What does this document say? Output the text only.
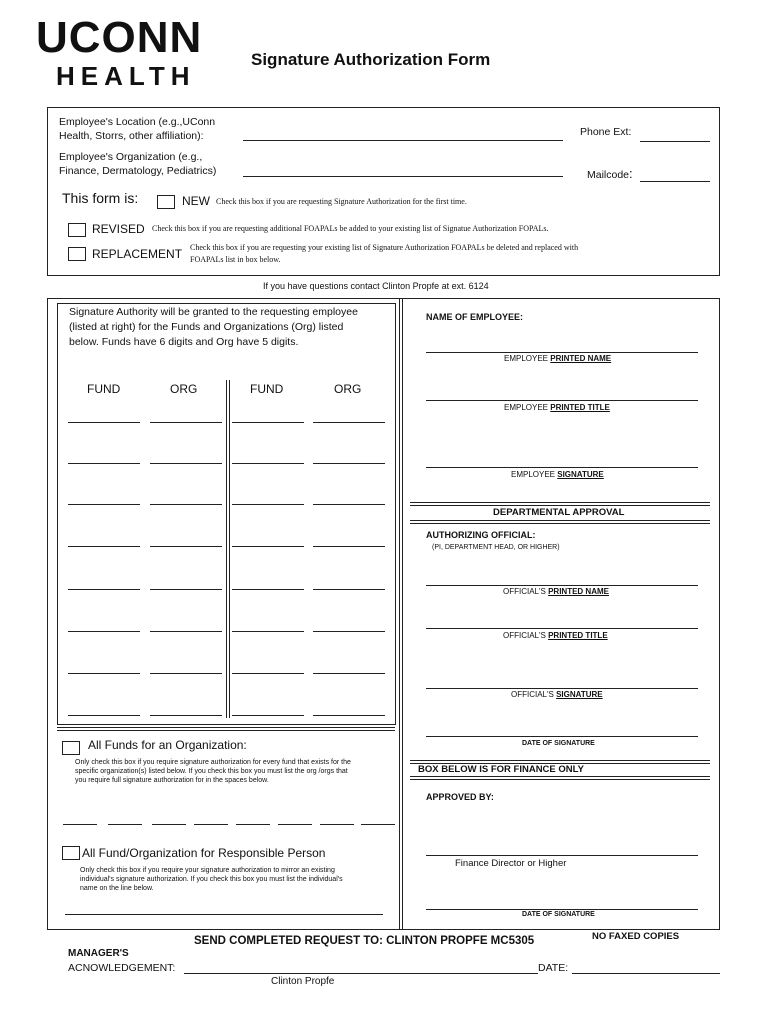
UCONN
HEALTH
Signature Authorization Form
Employee's Location (e.g.,UConn
Health, Storrs, other affiliation):	Phone Ext:
Employee's Organization (e.g.,
Finance, Dermatology, Pediatrics)	Mailcode:
This form is:	NEW Check this box if you are requesting Signature Authorization for the first time.
REVISED Check this box if you are requesting additional FOAPALs be added to your existing list of Signatue Authorization FOPALs.
REPLACEMENT Check this box if you are requesting your existing list of Signature Authorization FOAPALs be deleted and replaced with
FOAPALs list in box below.
If you have questions contact Clinton Propfe at ext. 6124
Signature Authority will be granted to the requesting employee
(listed at right) for the Funds and Organizations (Org) listed
below. Funds have 6 digits and Org have 5 digits.
FUND	ORG	FUND	ORG
All Funds for an Organization:
Only check this box if you require signature authorization for every fund that exists for the
specific organization(s) listed below. If you check this box you must list the org /orgs that
you require full signature authorization for in the spaces below.
All Fund/Organization for Responsible Person
Only check this box if you require your signature authorization to mirror an existing
individual's signature authorization. If you check this box you must list the individual's
name on the line below.
NAME OF EMPLOYEE:
EMPLOYEE PRINTED NAME
EMPLOYEE PRINTED TITLE
EMPLOYEE SIGNATURE
DEPARTMENTAL APPROVAL
AUTHORIZING OFFICIAL:
(PI, DEPARTMENT HEAD, OR HIGHER)
OFFICIAL'S PRINTED NAME
OFFICIAL'S PRINTED TITLE
OFFICIAL'S SIGNATURE
DATE OF SIGNATURE
BOX BELOW IS FOR FINANCE ONLY
APPROVED BY:
Finance Director or Higher
DATE OF SIGNATURE
SEND COMPLETED REQUEST TO: CLINTON PROPFE MC5305	NO FAXED COPIES
MANAGER'S
ACNOWLEDGEMENT:	DATE:
Clinton Propfe
